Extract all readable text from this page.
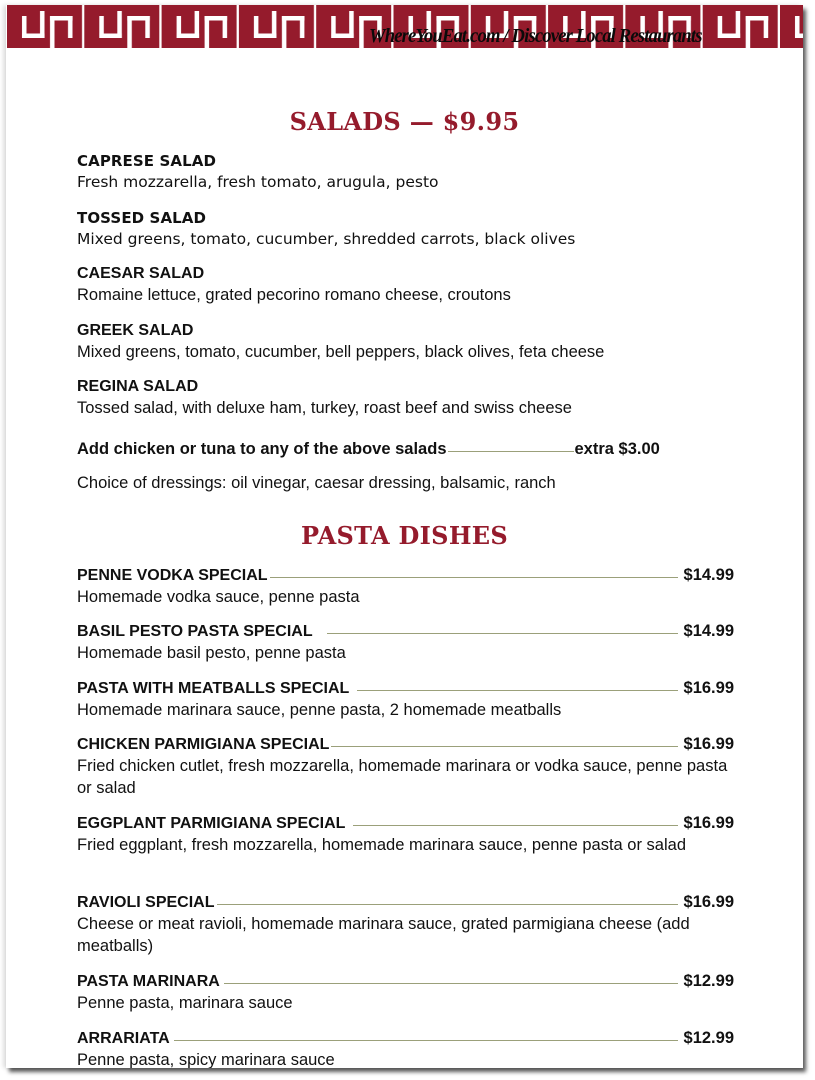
WhereYouEat.com / Discover Local Restaurants
SALADS — $9.95
CAPRESE SALAD
Fresh mozzarella, fresh tomato, arugula, pesto
TOSSED SALAD
Mixed greens, tomato, cucumber, shredded carrots, black olives
CAESAR SALAD
Romaine lettuce, grated pecorino romano cheese, croutons
GREEK SALAD
Mixed greens, tomato, cucumber, bell peppers, black olives, feta cheese
REGINA SALAD
Tossed salad, with deluxe ham, turkey, roast beef and swiss cheese
Add chicken or tuna to any of the above salads	extra $3.00
Choice of dressings: oil vinegar, caesar dressing, balsamic, ranch
PASTA DISHES
PENNE VODKA SPECIAL	$14.99
Homemade vodka sauce, penne pasta
BASIL PESTO PASTA SPECIAL	$14.99
Homemade basil pesto, penne pasta
PASTA WITH MEATBALLS SPECIAL	$16.99
Homemade marinara sauce, penne pasta, 2 homemade meatballs
CHICKEN PARMIGIANA SPECIAL	$16.99
Fried chicken cutlet, fresh mozzarella, homemade marinara or vodka sauce, penne pasta or salad
EGGPLANT PARMIGIANA SPECIAL	$16.99
Fried eggplant, fresh mozzarella, homemade marinara sauce, penne pasta or salad
RAVIOLI SPECIAL	$16.99
Cheese or meat ravioli, homemade marinara sauce, grated parmigiana cheese (add meatballs)
PASTA MARINARA	$12.99
Penne pasta, marinara sauce
ARRARIATA	$12.99
Penne pasta, spicy marinara sauce
